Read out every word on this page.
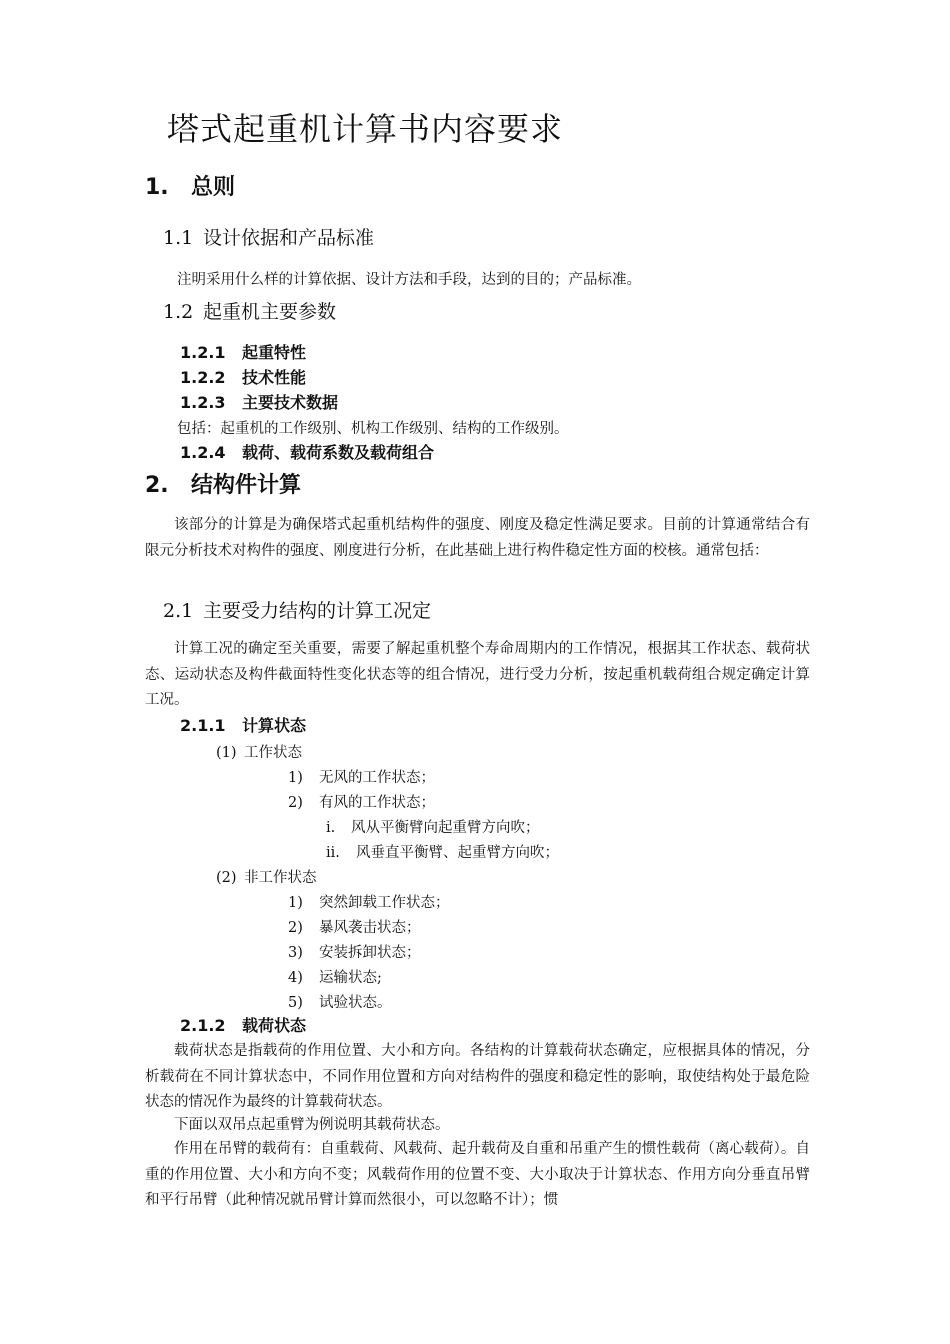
塔式起重机计算书内容要求
1. 总则
1.1 设计依据和产品标准
注明采用什么样的计算依据、设计方法和手段，达到的目的；产品标准。
1.2 起重机主要参数
1.2.1 起重特性
1.2.2 技术性能
1.2.3 主要技术数据
包括：起重机的工作级别、机构工作级别、结构的工作级别。
1.2.4 载荷、载荷系数及载荷组合
2. 结构件计算
该部分的计算是为确保塔式起重机结构件的强度、刚度及稳定性满足要求。目前的计算通常结合有限元分析技术对构件的强度、刚度进行分析，在此基础上进行构件稳定性方面的校核。通常包括：
2.1 主要受力结构的计算工况定
计算工况的确定至关重要，需要了解起重机整个寿命周期内的工作情况，根据其工作状态、载荷状态、运动状态及构件截面特性变化状态等的组合情况，进行受力分析，按起重机载荷组合规定确定计算工况。
2.1.1 计算状态
(1) 工作状态
1) 无风的工作状态；
2) 有风的工作状态；
i. 风从平衡臂向起重臂方向吹；
ii. 风垂直平衡臂、起重臂方向吹；
(2) 非工作状态
1) 突然卸载工作状态；
2) 暴风袭击状态；
3) 安装拆卸状态；
4) 运输状态;
5) 试验状态。
2.1.2 载荷状态
载荷状态是指载荷的作用位置、大小和方向。各结构的计算载荷状态确定，应根据具体的情况，分析载荷在不同计算状态中，不同作用位置和方向对结构件的强度和稳定性的影响，取使结构处于最危险状态的情况作为最终的计算载荷状态。
下面以双吊点起重臂为例说明其载荷状态。
作用在吊臂的载荷有：自重载荷、风载荷、起升载荷及自重和吊重产生的惯性载荷（离心载荷）。自重的作用位置、大小和方向不变；风载荷作用的位置不变、大小取决于计算状态、作用方向分垂直吊臂和平行吊臂（此种情况就吊臂计算而然很小，可以忽略不计）；惯
